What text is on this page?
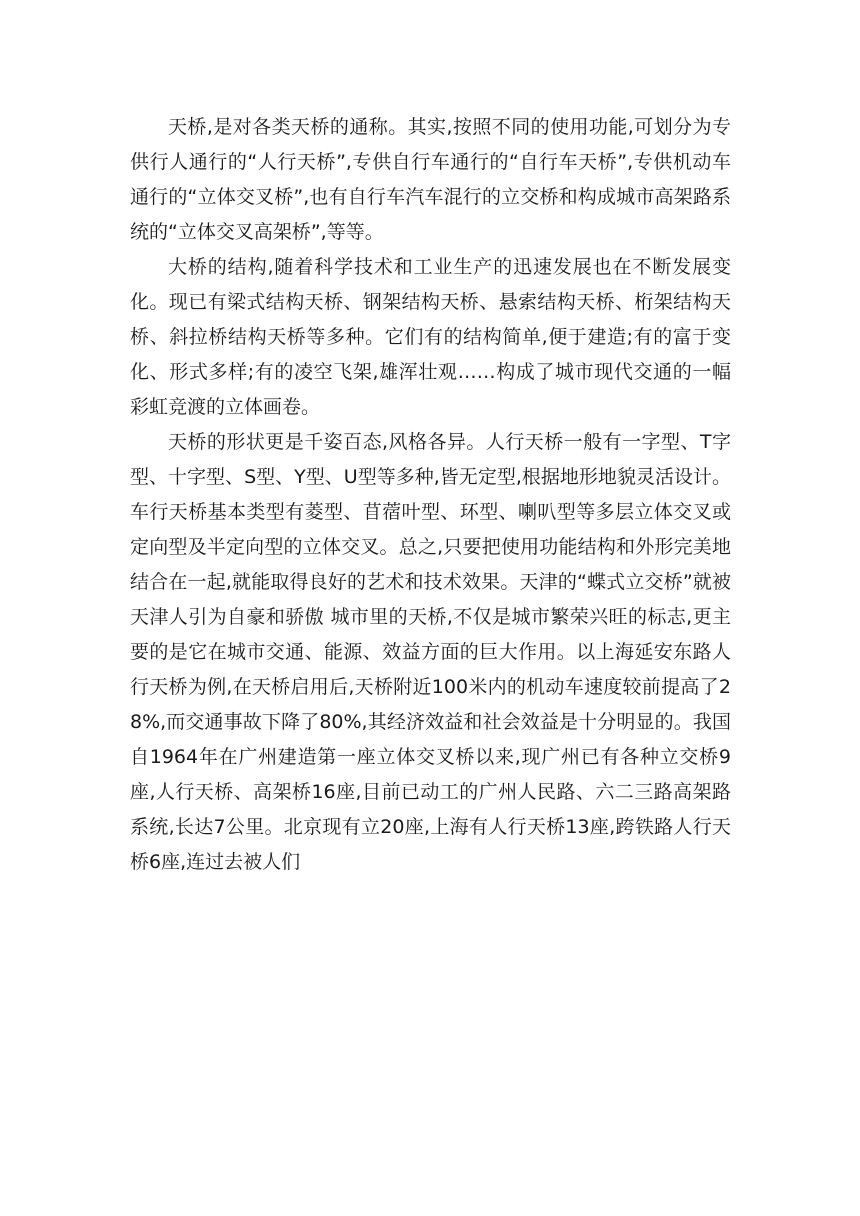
天桥,是对各类天桥的通称。其实,按照不同的使用功能,可划分为专供行人通行的“人行天桥”,专供自行车通行的“自行车天桥”,专供机动车通行的“立体交叉桥”,也有自行车汽车混行的立交桥和构成城市高架路系统的“立体交叉高架桥”,等等。

大桥的结构,随着科学技术和工业生产的迅速发展也在不断发展变化。现已有梁式结构天桥、钢架结构天桥、悬索结构天桥、桁架结构天桥、斜拉桥结构天桥等多种。它们有的结构简单,便于建造;有的富于变化、形式多样;有的凌空飞架,雄浑壮观……构成了城市现代交通的一幅彩虹竞渡的立体画卷。

天桥的形状更是千姿百态,风格各异。人行天桥一般有一字型、T字型、十字型、S型、Y型、U型等多种,皆无定型,根据地形地貌灵活设计。车行天桥基本类型有菱型、苜蓿叶型、环型、喇叭型等多层立体交叉或定向型及半定向型的立体交叉。总之,只要把使用功能结构和外形完美地结合在一起,就能取得良好的艺术和技术效果。天津的“蝶式立交桥”就被天津人引为自豪和骄傲 城市里的天桥,不仅是城市繁荣兴旺的标志,更主要的是它在城市交通、能源、效益方面的巨大作用。以上海延安东路人行天桥为例,在天桥启用后,天桥附近100米内的机动车速度较前提高了28%,而交通事故下降了80%,其经济效益和社会效益是十分明显的。我国自1964年在广州建造第一座立体交叉桥以来,现广州已有各种立交桥9座,人行天桥、高架桥16座,目前已动工的广州人民路、六二三路高架路系统,长达7公里。北京现有立20座,上海有人行天桥13座,跨铁路人行天桥6座,连过去被人们
